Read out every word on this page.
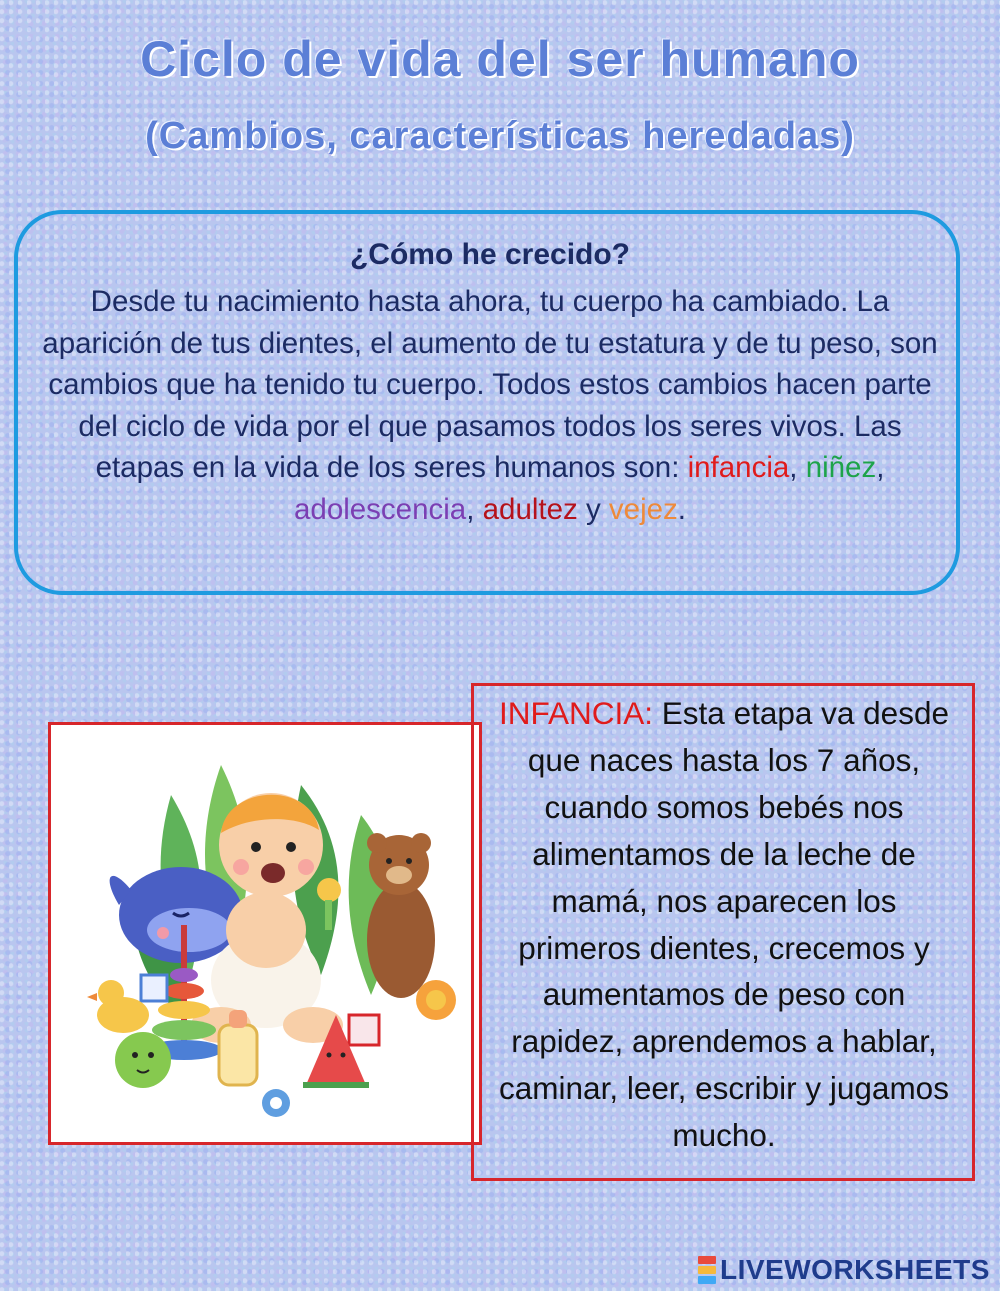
Ciclo de vida del ser humano
(Cambios, características heredadas)
¿Cómo he crecido?
Desde tu nacimiento hasta ahora, tu cuerpo ha cambiado. La aparición de tus dientes, el aumento de tu estatura y de tu peso, son cambios que ha tenido tu cuerpo. Todos estos cambios hacen parte del ciclo de vida por el que pasamos todos los seres vivos. Las etapas en la vida de los seres humanos son: infancia, niñez, adolescencia, adultez y vejez.
INFANCIA: Esta etapa va desde que naces hasta los 7 años, cuando somos bebés nos alimentamos de la leche de mamá, nos aparecen los primeros dientes, crecemos y aumentamos de peso con rapidez, aprendemos a hablar, caminar, leer, escribir y jugamos mucho.
LIVEWORKSHEETS
